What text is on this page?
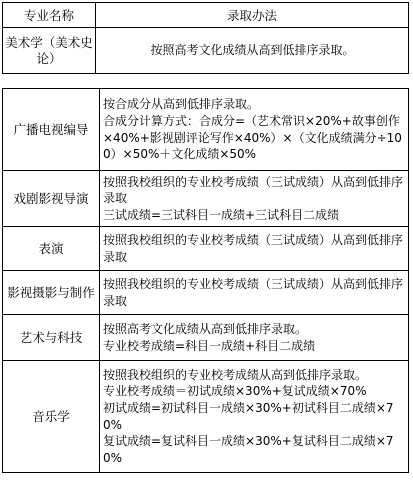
专业名称	录取办法
美术学（美术史论）	按照高考文化成绩从高到低排序录取。
广播电视编导	按合成分从高到低排序录取。
合成分计算方式：合成分=（艺术常识×20%+故事创作×40%+影视剧评论写作×40%）×（文化成绩满分÷100）×50%＋文化成绩×50%

戏剧影视导演	按照我校组织的专业校考成绩（三试成绩）从高到低排序录取
三试成绩=三试科目一成绩+三试科目二成绩

表演	按照我校组织的专业校考成绩（三试成绩）从高到低排序录取

影视摄影与制作	按照我校组织的专业校考成绩（三试成绩）从高到低排序录取

艺术与科技	按照高考文化成绩从高到低排序录取。
专业校考成绩=科目一成绩+科目二成绩

音乐学	按照我校组织的专业校考成绩从高到低排序录取。
专业校考成绩＝初试成绩×30%+复试成绩×70%
初试成绩=初试科目一成绩×30%+初试科目二成绩×70%
复试成绩=复试科目一成绩×30%+复试科目二成绩×70%
